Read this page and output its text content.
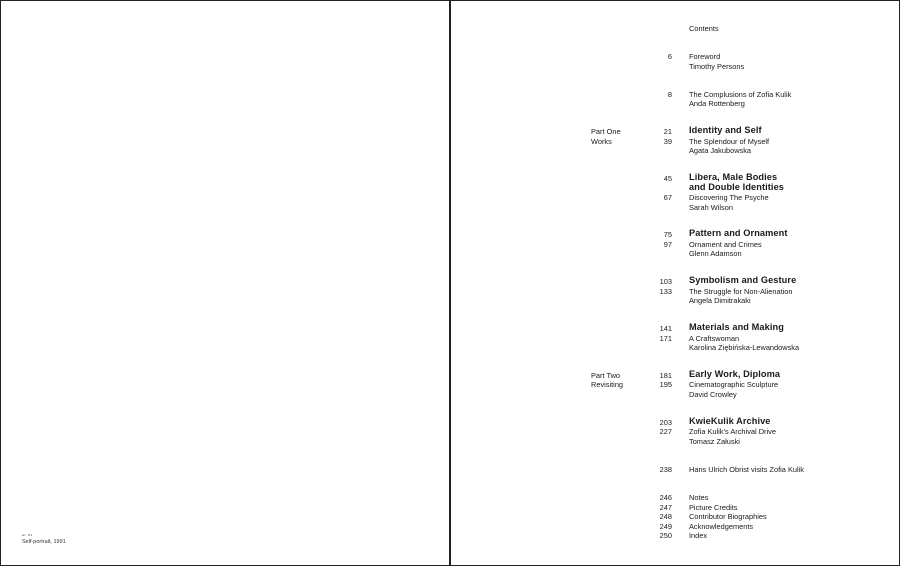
ar. #1
Self-portrait, 1991
Contents
6 Foreword
Timothy Persons
8 The Complusions of Zofia Kulik
Anda Rottenberg
Part One
Works
21 Identity and Self
39 The Splendour of Myself
Agata Jakubowska
45 Libera, Male Bodies
and Double Identities
67 Discovering The Psyche
Sarah Wilson
75 Pattern and Ornament
97 Ornament and Crimes
Glenn Adamson
103 Symbolism and Gesture
133 The Struggle for Non-Alienation
Angela Dimitrakaki
141 Materials and Making
171 A Craftswoman
Karolina Ziębińska-Lewandowska
Part Two
Revisiting
181 Early Work, Diploma
195 Cinematographic Sculpture
David Crowley
203 KwieKulik Archive
227 Zofia Kulik’s Archival Drive
Tomasz Załuski
238 Hans Ulrich Obrist visits Zofia Kulik
246 Notes
247 Picture Credits
248 Contributor Biographies
249 Acknowledgements
250 Index
